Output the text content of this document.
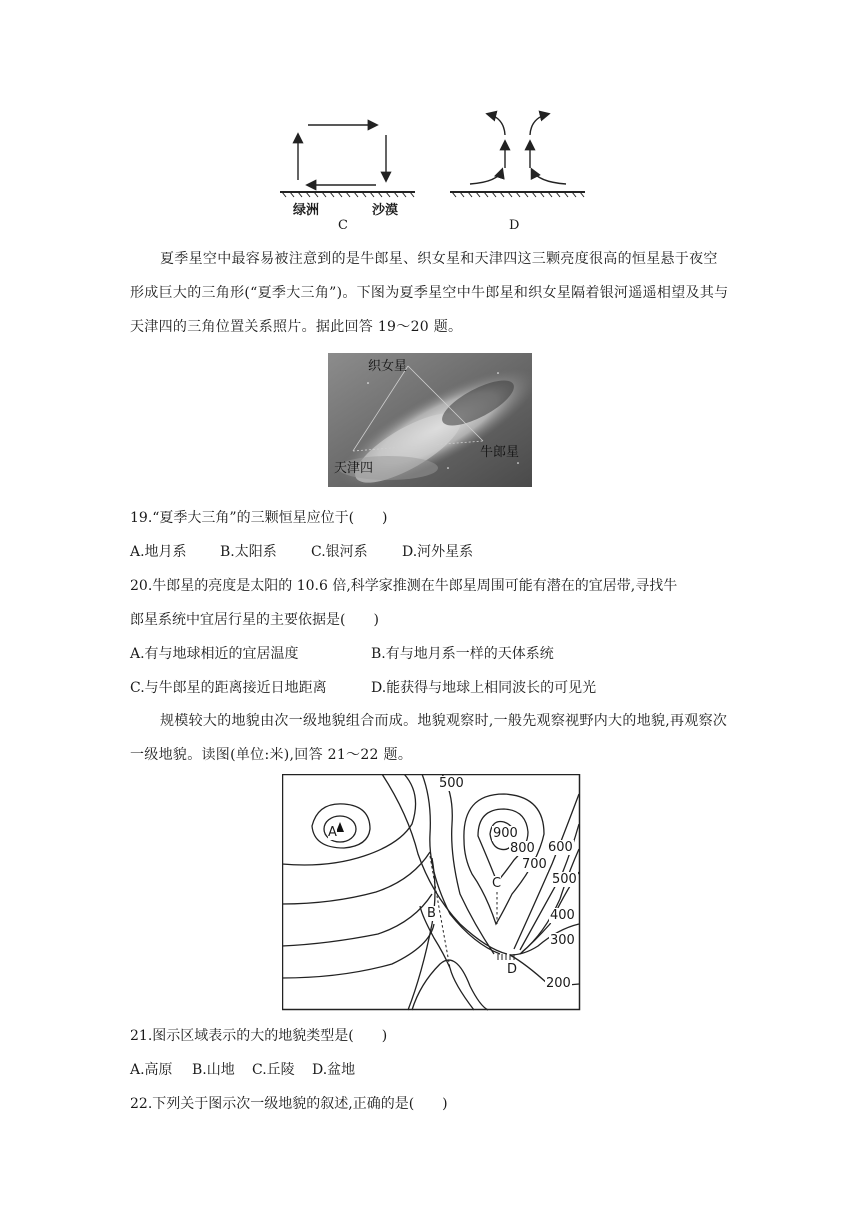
绿洲	沙漠
C	D
夏季星空中最容易被注意到的是牛郎星、织女星和天津四这三颗亮度很高的恒星悬于夜空形成巨大的三角形(“夏季大三角”)。下图为夏季星空中牛郎星和织女星隔着银河遥遥相望及其与天津四的三角位置关系照片。据此回答 19～20 题。
织女星
牛郎星
天津四
19.“夏季大三角”的三颗恒星应位于(　　)
A.地月系 B.太阳系 C.银河系 D.河外星系
20.牛郎星的亮度是太阳的 10.6 倍,科学家推测在牛郎星周围可能有潜在的宜居带,寻找牛
郎星系统中宜居行星的主要依据是(　　)
A.有与地球相近的宜居温度	B.有与地月系一样的天体系统
C.与牛郎星的距离接近日地距离	D.能获得与地球上相同波长的可见光
规模较大的地貌由次一级地貌组合而成。地貌观察时,一般先观察视野内大的地貌,再观察次一级地貌。读图(单位:米),回答 21～22 题。
500
900
800
700
600
500
400
300
200
A
B
C
D
21.图示区域表示的大的地貌类型是(　　)
A.高原 B.山地 C.丘陵 D.盆地
22.下列关于图示次一级地貌的叙述,正确的是(　　)
